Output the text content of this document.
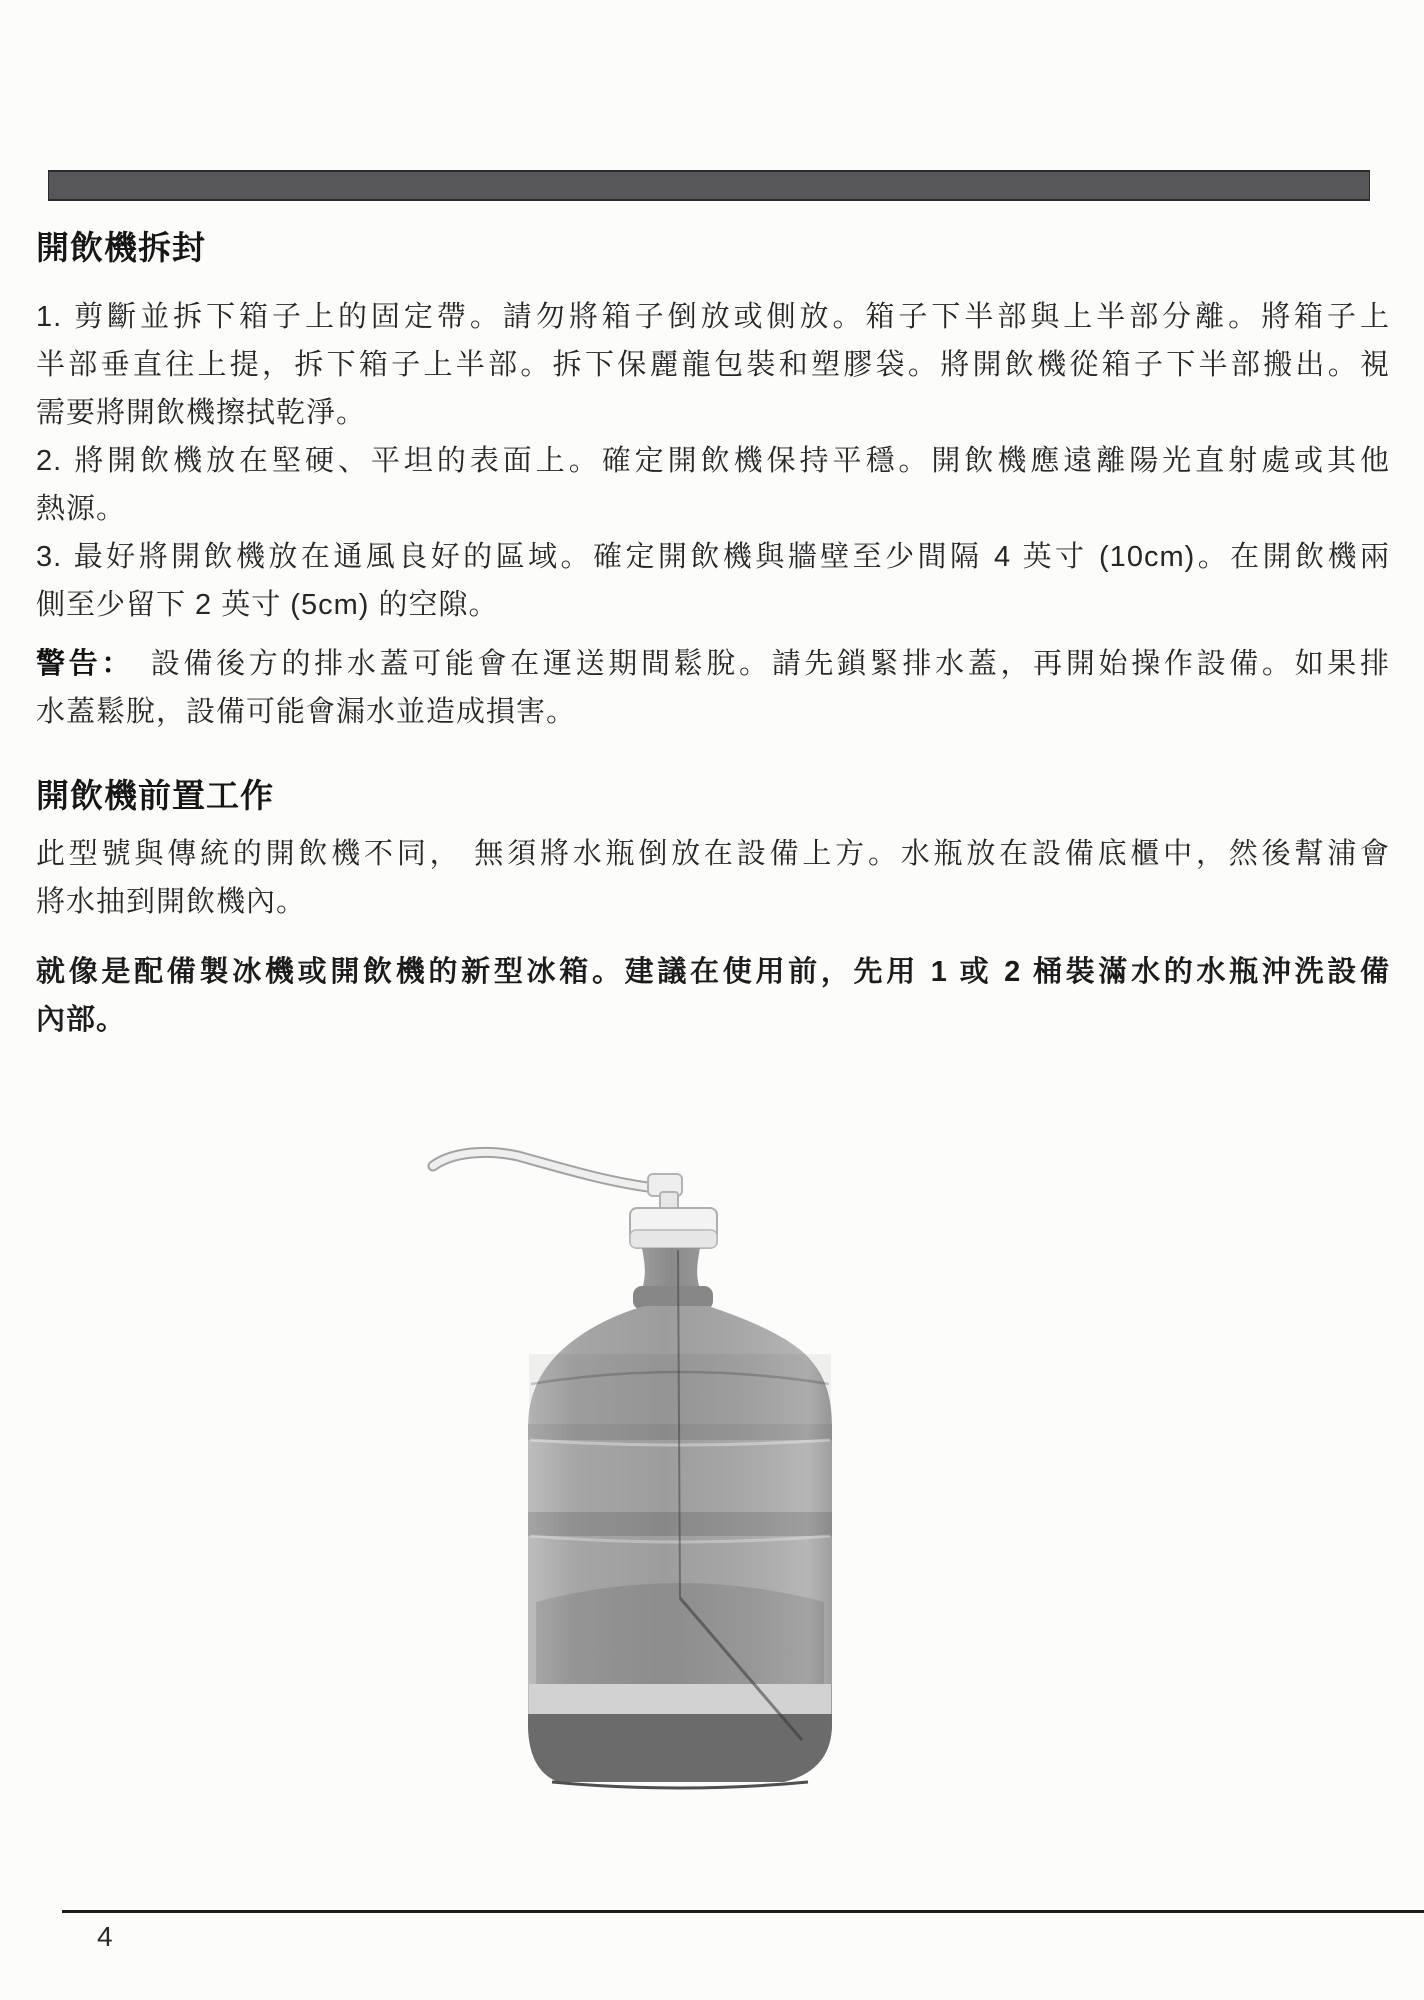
開飲機拆封
1. 剪斷並拆下箱子上的固定帶。請勿將箱子倒放或側放。箱子下半部與上半部分離。將箱子上
半部垂直往上提，拆下箱子上半部。拆下保麗龍包裝和塑膠袋。將開飲機從箱子下半部搬出。視
需要將開飲機擦拭乾淨。
2. 將開飲機放在堅硬、平坦的表面上。確定開飲機保持平穩。開飲機應遠離陽光直射處或其他
熱源。
3. 最好將開飲機放在通風良好的區域。確定開飲機與牆壁至少間隔 4 英寸 (10cm)。在開飲機兩
側至少留下 2 英寸 (5cm) 的空隙。
警告： 設備後方的排水蓋可能會在運送期間鬆脫。請先鎖緊排水蓋，再開始操作設備。如果排
水蓋鬆脫，設備可能會漏水並造成損害。
開飲機前置工作
此型號與傳統的開飲機不同， 無須將水瓶倒放在設備上方。水瓶放在設備底櫃中，然後幫浦會
將水抽到開飲機內。
就像是配備製冰機或開飲機的新型冰箱。建議在使用前，先用 1 或 2 桶裝滿水的水瓶沖洗設備
內部。
4
